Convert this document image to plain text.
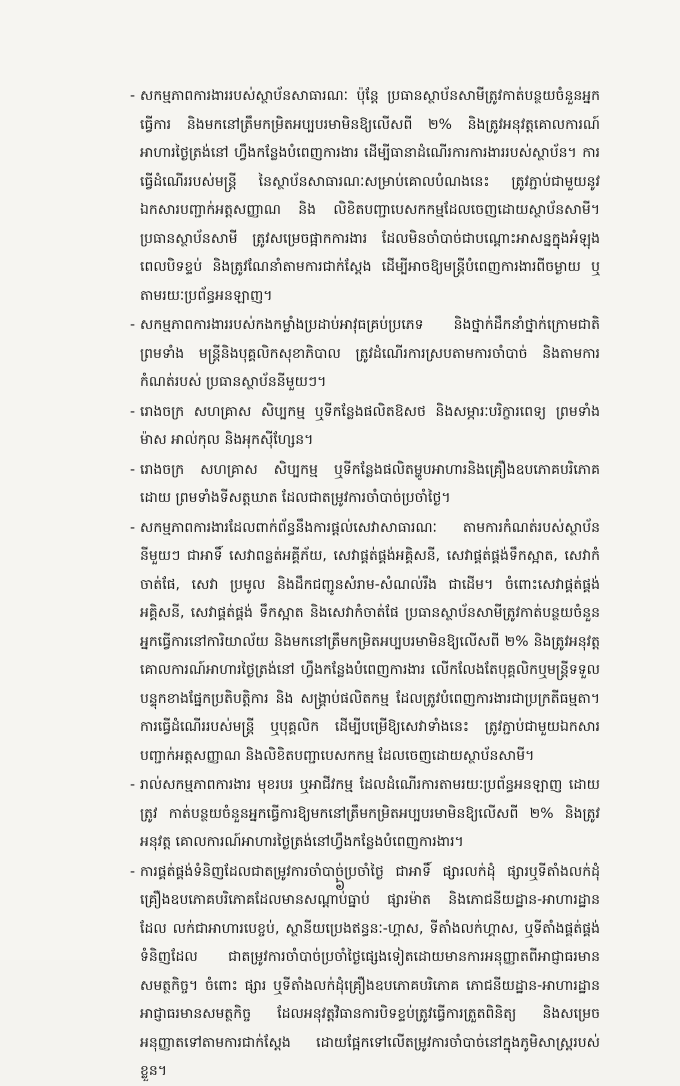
- សកម្មភាពការងាររបស់ស្ថាប័នសាធារណៈ ប៉ុន្តែ ប្រធានស្ថាប័នសាមីត្រូវកាត់បន្ថយចំនួនអ្នកធ្វើការ និងមកនៅត្រឹមកម្រិតអប្បបរមាមិនឱ្យលើសពី ២% និងត្រូវអនុវត្តគោលការណ៍អាហារថ្ងៃត្រង់នៅ ហ្វឹងកន្លែងបំពេញការងារ ដើម្បីធានាដំណើរការការងាររបស់ស្ថាប័ន។ ការធ្វើដំណើររបស់មន្ត្រី នៃស្ថាប័នសាធារណៈសម្រាប់គោលបំណងនេះ ត្រូវភ្ជាប់ជាមួយនូវឯកសារបញ្ជាក់អត្តសញ្ញាណ និង លិខិតបញ្ជាបេសកកម្មដែលចេញដោយស្ថាប័នសាមី។ ប្រធានស្ថាប័នសាមី ត្រូវសម្រេចផ្អាកការងារ ដែលមិនចាំបាច់ជាបណ្ដោះអាសន្នក្នុងអំឡុងពេលបិទខ្ទប់ និងត្រូវណែនាំតាមការជាក់ស្ដែង ដើម្បីអាចឱ្យមន្ត្រីបំពេញការងារពីចម្ងាយ ឬតាមរយៈប្រព័ន្ធអនឡាញ។
- សកម្មភាពការងាររបស់កងកម្លាំងប្រដាប់អាវុធគ្រប់ប្រភេទ និងថ្នាក់ដឹកនាំថ្នាក់ក្រោមជាតិ ព្រមទាំង មន្ត្រីនិងបុគ្គលិកសុខាភិបាល ត្រូវដំណើរការស្របតាមការចាំបាច់ និងតាមការកំណត់របស់ ប្រធានស្ថាប័ននីមួយៗ។
- រោងចក្រ សហគ្រាស សិប្បកម្ម ឬទីកន្លែងផលិតឱសថ និងសម្ភារៈបរិក្ខារពេទ្យ ព្រមទាំងម៉ាស អាល់កុល និងអុកស៊ីហ្សែន។
- រោងចក្រ សហគ្រាស សិប្បកម្ម ឬទីកន្លែងផលិតម្ហូបអាហារនិងគ្រឿងឧបភោគបរិភោគ ដោយ ព្រមទាំងទីសត្តឃាត ដែលជាតម្រូវការចាំបាច់ប្រចាំថ្ងៃ។
- សកម្មភាពការងារដែលពាក់ព័ន្ធនឹងការផ្ដល់សេវាសាធារណៈ តាមការកំណត់របស់ស្ថាប័ននីមួយៗ ជាអាទិ៍ សេវាពន្លត់អគ្គីភ័យ, សេវាផ្គត់ផ្គង់អគ្គិសនី, សេវាផ្គត់ផ្គង់ទឹកស្អាត, សេវាកំចាត់ផែ, សេវា ប្រមូល និងដឹកជញ្ជូនសំរាម-សំណល់រឹង ជាដើម។ ចំពោះសេវាផ្គត់ផ្គង់អគ្គិសនី, សេវាផ្គត់ផ្គង់ ទឹកស្អាត និងសេវាកំចាត់ផែ ប្រធានស្ថាប័នសាមីត្រូវកាត់បន្ថយចំនួនអ្នកធ្វើការនៅការិយាល័យ និងមកនៅត្រឹមកម្រិតអប្បបរមាមិនឱ្យលើសពី ២% និងត្រូវអនុវត្តគោលការណ៍អាហារថ្ងៃត្រង់នៅ ហ្វឹងកន្លែងបំពេញការងារ លើកលែងតែបុគ្គលិកឬមន្ត្រីទទួលបន្ទុកខាងផ្នែកប្រតិបត្តិការ និង សង្គ្រាប់ផលិតកម្ម ដែលត្រូវបំពេញការងារជាប្រក្រតីធម្មតា។ ការធ្វើដំណើររបស់មន្ត្រី ឬបុគ្គលិក ដើម្បីបម្រើឱ្យសេវាទាំងនេះ ត្រូវភ្ជាប់ជាមួយឯកសារបញ្ជាក់អត្តសញ្ញាណ និងលិខិតបញ្ជាបេសកកម្ម ដែលចេញដោយស្ថាប័នសាមី។
- រាល់សកម្មភាពការងារ មុខរបរ ឬអាជីវកម្ម ដែលដំណើរការតាមរយៈប្រព័ន្ធអនឡាញ ដោយត្រូវ កាត់បន្ថយចំនួនអ្នកធ្វើការឱ្យមកនៅត្រឹមកម្រិតអប្បបរមាមិនឱ្យលើសពី ២% និងត្រូវអនុវត្ត គោលការណ៍អាហារថ្ងៃត្រង់នៅហ្វឹងកន្លែងបំពេញការងារ។
- ការផ្គត់ផ្គង់ទំនិញដែលជាតម្រូវការចាំបាច់ប្រចាំថ្ងៃ ជាអាទិ៍ ផ្សារលក់ដុំ ផ្សារឬទីតាំងលក់ដុំ គ្រឿងឧបភោគបរិភោគដែលមានសណ្ដាប់ធ្នាប់ ផ្សារម៉ាត និងភោជនីយដ្ឋាន-អាហារដ្ឋានដែល លក់ជាអាហារបេខ្ចប់, ស្ថានីយប្រេងឥន្ធនៈ-ហ្គាស, ទីតាំងលក់ហ្គាស, ឬទីតាំងផ្គត់ផ្គង់ទំនិញដែល ជាតម្រូវការចាំបាច់ប្រចាំថ្ងៃផ្សេងទៀតដោយមានការអនុញ្ញាតពីអាជ្ញាធរមានសមត្ថកិច្ច។ ចំពោះ ផ្សារ ឬទីតាំងលក់ដុំគ្រឿងឧបភោគបរិភោគ ភោជនីយដ្ឋាន-អាហារដ្ឋាន អាជ្ញាធរមានសមត្ថកិច្ច ដែលអនុវត្តវិធានការបិទខ្ទប់ត្រូវធ្វើការត្រួតពិនិត្យ និងសម្រេចអនុញ្ញាតទៅតាមការជាក់ស្ដែង ដោយផ្អែកទៅលើតម្រូវការចាំបាច់នៅក្នុងភូមិសាស្ត្ររបស់ខ្លួន។
៦
